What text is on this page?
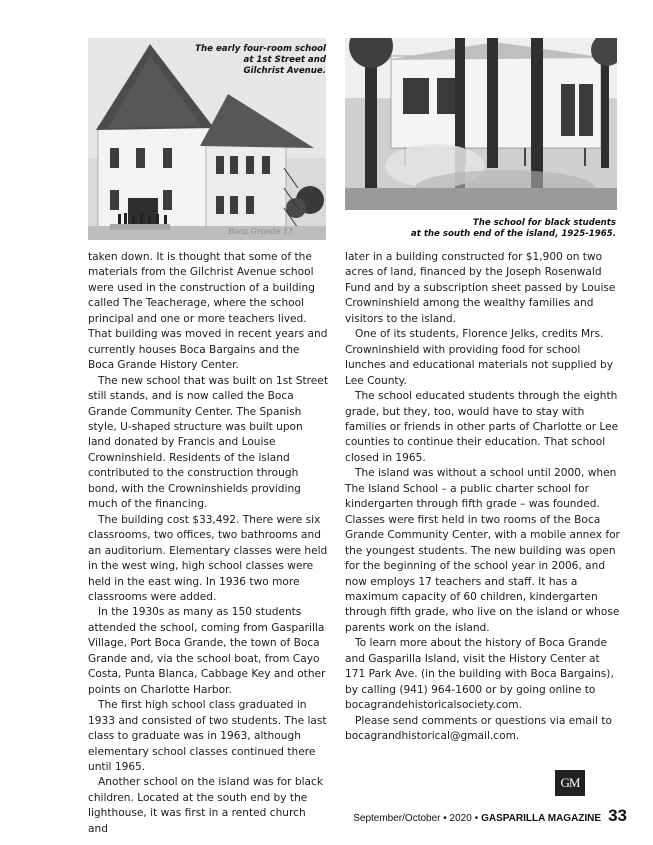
Boca Grande 1?
The early four-room school
at 1st Street and
Gilchrist Avenue.
The school for black students
at the south end of the island, 1925-1965.

taken down. It is thought that some of the materials from the Gilchrist Avenue school were used in the construction of a building called The Teacherage, where the school principal and one or more teachers lived. That building was moved in recent years and currently houses Boca Bargains and the Boca Grande History Center.

The new school that was built on 1st Street still stands, and is now called the Boca Grande Community Center. The Spanish style, U-shaped structure was built upon land donated by Francis and Louise Crowninshield. Residents of the island contributed to the construction through bond, with the Crowninshields providing much of the financing.

The building cost $33,492. There were six classrooms, two offices, two bathrooms and an auditorium. Elementary classes were held in the west wing, high school classes were held in the east wing. In 1936 two more classrooms were added.

In the 1930s as many as 150 students attended the school, coming from Gasparilla Village, Port Boca Grande, the town of Boca Grande and, via the school boat, from Cayo Costa, Punta Blanca, Cabbage Key and other points on Charlotte Harbor.

The first high school class graduated in 1933 and consisted of two students. The last class to graduate was in 1963, although elementary school classes continued there until 1965.

Another school on the island was for black children. Located at the south end by the lighthouse, it was first in a rented church and

later in a building constructed for $1,900 on two acres of land, financed by the Joseph Rosenwald Fund and by a subscription sheet passed by Louise Crowninshield among the wealthy families and visitors to the island.

One of its students, Florence Jelks, credits Mrs. Crowninshield with providing food for school lunches and educational materials not supplied by Lee County.

The school educated students through the eighth grade, but they, too, would have to stay with families or friends in other parts of Charlotte or Lee counties to continue their education. That school closed in 1965.

The island was without a school until 2000, when The Island School – a public charter school for kindergarten through fifth grade – was founded. Classes were first held in two rooms of the Boca Grande Community Center, with a mobile annex for the youngest students. The new building was open for the beginning of the school year in 2006, and now employs 17 teachers and staff. It has a maximum capacity of 60 children, kindergarten through fifth grade, who live on the island or whose parents work on the island.

To learn more about the history of Boca Grande and Gasparilla Island, visit the History Center at 171 Park Ave. (in the building with Boca Bargains), by calling (941) 964-1600 or by going online to bocagrandehistoricalsociety.com.

Please send comments or questions via email to bocagrandhistorical@gmail.com.

GM
September/October • 2020 • GASPARILLA MAGAZINE 33
